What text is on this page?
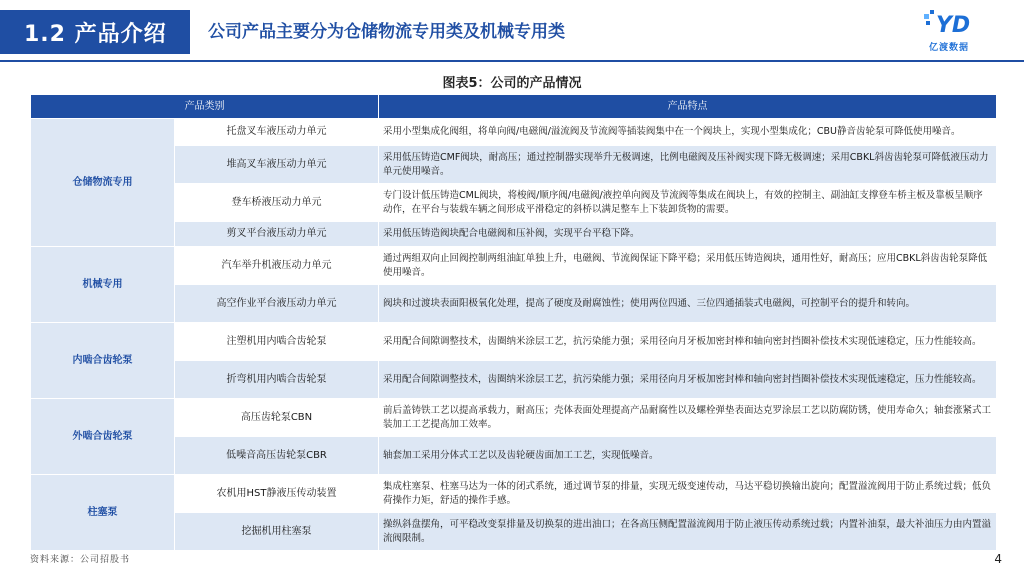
1.2 产品介绍	公司产品主要分为仓储物流专用类及机械专用类	YD
亿渡数据
图表5：公司的产品情况
产品类别		产品特点
仓储物流专用	托盘叉车液压动力单元	采用小型集成化阀组，将单向阀/电磁阀/溢流阀及节流阀等插装阀集中在一个阀块上，实现小型集成化；CBU静音齿轮泵可降低使用噪音。
	堆高叉车液压动力单元	采用低压铸造CMF阀块，耐高压；通过控制器实现举升无极调速，比例电磁阀及压补阀实现下降无极调速；采用CBKL斜齿齿轮泵可降低液压动力单元使用噪音。
	登车桥液压动力单元	专门设计低压铸造CML阀块，将梭阀/顺序阀/电磁阀/液控单向阀及节流阀等集成在阀块上，有效的控制主、副油缸支撑登车桥主板及靠板呈顺序动作，在平台与装载车辆之间形成平滑稳定的斜桥以满足整车上下装卸货物的需要。
	剪叉平台液压动力单元	采用低压铸造阀块配合电磁阀和压补阀，实现平台平稳下降。
机械专用	汽车举升机液压动力单元	通过两组双向止回阀控制两组油缸单独上升，电磁阀、节流阀保证下降平稳；采用低压铸造阀块，通用性好，耐高压；应用CBKL斜齿齿轮泵降低使用噪音。
	高空作业平台液压动力单元	阀块和过渡块表面阳极氧化处理，提高了硬度及耐腐蚀性；使用两位四通、三位四通插装式电磁阀，可控制平台的提升和转向。
内啮合齿轮泵	注塑机用内啮合齿轮泵	采用配合间隙调整技术，齿圈纳米涂层工艺，抗污染能力强；采用径向月牙板加密封棒和轴向密封挡圈补偿技术实现低速稳定，压力性能较高。
	折弯机用内啮合齿轮泵	采用配合间隙调整技术，齿圈纳米涂层工艺，抗污染能力强；采用径向月牙板加密封棒和轴向密封挡圈补偿技术实现低速稳定，压力性能较高。
外啮合齿轮泵	高压齿轮泵CBN	前后盖铸铁工艺以提高承载力，耐高压；壳体表面处理提高产品耐腐性以及螺栓弹垫表面达克罗涂层工艺以防腐防锈，使用寿命久；轴套涨紧式工装加工工艺提高加工效率。
	低噪音高压齿轮泵CBR	轴套加工采用分体式工艺以及齿轮硬齿面加工工艺，实现低噪音。
柱塞泵	农机用HST静液压传动装置	集成柱塞泵、柱塞马达为一体的闭式系统，通过调节泵的排量，实现无级变速传动，马达平稳切换输出旋向；配置溢流阀用于防止系统过载；低负荷操作力矩，舒适的操作手感。
	挖掘机用柱塞泵	操纵斜盘摆角，可平稳改变泵排量及切换泵的进出油口；在各高压侧配置溢流阀用于防止液压传动系统过载；内置补油泵，最大补油压力由内置溢流阀限制。
资料来源：公司招股书	4
